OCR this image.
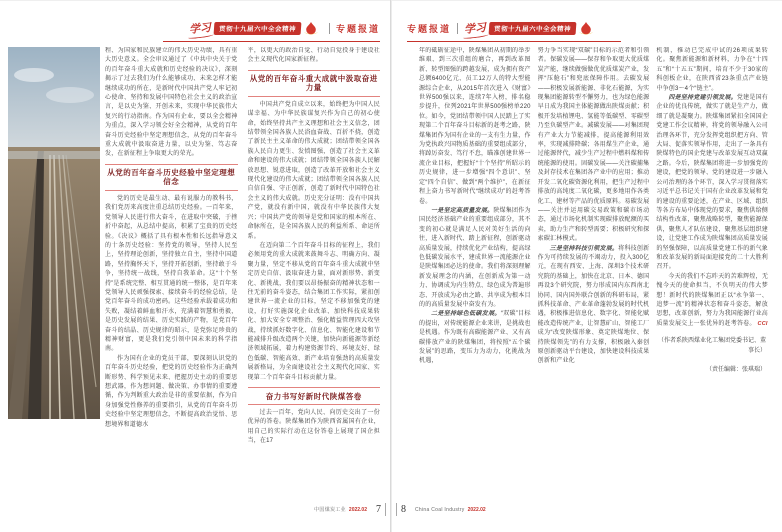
学习	贯彻十九届六中全会精神	专题报道

程、为国家和民族建立的伟大历史功绩，具有重大历史意义。全会审议通过了《中共中央关于党的百年奋斗重大成就和历史经验的决议》，深刻揭示了过去我们为什么能够成功、未来怎样才能继续成功的所在，是新时代中国共产党人牢记初心使命、坚持和发展中国特色社会主义的政治宣言，是以史为鉴、开创未来，实现中华民族伟大复兴的行动指南。作为国有企业，要以全会精神为重点，深入学习领会好全会精神，从党的百年奋斗历史经验中坚定理想信念，从党的百年奋斗重大成就中汲取奋进力量，以史为鉴、笃志奋发，在新征程上争取更大的荣光。

从党的百年奋斗历史经验中坚定理想信念

党的历史是最生动、最有说服力的教科书，我们党历来高度注重总结历史经验。一百年来，党领导人民进行伟大奋斗，在进取中突破，于挫折中奋起，从总结中提高，积累了宝贵的历史经验。《决议》概括了具有根本性和长远指导意义的十条历史经验：坚持党的领导，坚持人民至上，坚持理论创新，坚持独立自主，坚持中国道路，坚持胸怀天下，坚持开拓创新，坚持敢于斗争，坚持统一战线，坚持自我革命。这“十个坚持”是系统完整、相互贯通的统一整体，是百年来党领导人民顽强探索、接续奋斗的经验总结，是党百年奋斗的成功密码。这些经验承载着成功和失败，凝结着鲜血和汗水，充满着智慧和勇毅，是历史发展的结果、历史实践的产物，是党百年奋斗的结晶、历史规律的昭示，是党弥足珍贵的精神财富，更是我们党引领中国未来的科学指南。

作为国有企业的党员干部，要深刻认识党的百年奋斗历史经验，把党的历史经验作为正确判断形势、科学预见未来、把握历史主动的重要思想武器，作为想问题、做决策、办事情的重要遵循，作为判断重大政治是非的重要依据，作为自身加强党性修养的重要指引，从党的百年奋斗历史经验中坚定理想信念，不断提高政治觉悟、思想境界和道德水

平，以更大的政治自觉、行动自觉投身于建设社会主义现代化国家新征程。

从党的百年奋斗重大成就中汲取奋进力量

中国共产党自成立以来，始终把为中国人民谋幸福、为中华民族谋复兴作为自己的初心使命，始终坚持共产主义理想和社会主义信念，团结带领全国各族人民浴血奋战、百折不挠，创造了新民主主义革命的伟大成就；团结带领全国各族人民自力更生、发愤图强，创造了社会主义革命和建设的伟大成就；团结带领全国各族人民解放思想、锐意进取，创造了改革开放和社会主义现代化建设的伟大成就；团结带领全国各族人民自信自强、守正创新，创造了新时代中国特色社会主义的伟大成就。历史充分证明：没有中国共产党，就没有新中国，就没有中华民族伟大复兴；中国共产党的领导是党和国家的根本所在、命脉所在，是全国各族人民的利益所系、命运所系。

在迈向第二个百年奋斗目标的征程上，我们必须用党的重大成就来鼓舞斗志、明确方向、凝聚力量，坚定不移从党的百年奋斗重大成就中坚定历史自信、汲取奋进力量，面对新形势、新变化、新挑战，我们要以昂扬振奋的精神状态和一往无前的奋斗姿态，结合集团工作实际，紧扣创建世界一流企业的目标，坚定不移加强党的建设，打好实施深化企业改革、加快科技成果转化、加大安全专项整治、强化精益管理四大攻坚战，持续抓好数字化、信息化、智能化建设和节能减排升级改造两个关键，加快向新能源等新经济领域拓展，着力构建资源节约、环境友好、绿色低碳、智能高效、新产业培育强劲的高质量发展新格局，为全面建设社会主义现代化国家、实现第二个百年奋斗目标贡献力量。

奋力书写好新时代陕煤答卷

过去一百年，党向人民、向历史交出了一份优异的答卷。陕煤集团作为陕西省属国有企业，用自己的实际行动在这份答卷上展现了国企担当，在17

中国煤炭工业 2022.02 7
专题报道 学习	贯彻十九届六中全会精神

年的砥砺征途中，陕煤集团从初期的举步维艰、到三次重组的磨合，再到改革图新、转型图强的跨越发展，成为拥有资产总额6400亿元、员工12万人的特大型能源综合企业，从2015年首次进入《财富》世界500强以来，连续7年入榜，排名稳步提升，位列2021年世界500强榜单220位。如今，党团结带领中国人民踏上了实现第二个百年奋斗目标新的赶考之路，陕煤集团作为国有企业的一支有生力量，作为党执政兴国物质基础的重要组成部分，将踔厉奋发、笃行不怠，瞄准创建世界一流企业目标，把握好“十个坚持”所昭示的历史规律，进一步增强“四个意识”、坚定“四个自信”、做到“两个维护”，在新征程上奋力书写新时代“继续成功”的赶考答卷。

一是坚定高质量发展。陕煤集团作为国民经济基础产业的重要组成部分，其不变的初心就是满足人民对美好生活的向往，进入新时代、踏上新征程，创新驱动高质量发展，持续优化产业结构，提高绿色低碳发展水平，建成世界一流能源企业是陕煤集团必达的使命。我们将深刻理解新发展理念的内涵，在创新成为第一动力、协调成为内生特点、绿色成为普遍形态、开放成为必由之路、共享成为根本目的的高质量发展中奋发有为。

二是坚持绿色低碳发展。“双碳”目标的提出，对传统能源企业来讲，是挑战也是机遇。作为既有高碳能源产业、又有高碳排放产业的陕煤集团，将按照“五个碳发展”的思路，变压力为动力，化挑战为机遇，

努力争当实现“双碳”目标的示范者和引领者。保碳发展——保存和争取更大优质煤炭产能，继续做强做优优质煤炭产业，发挥“压舱石”和兜底保障作用。去碳发展——积极发展新能源、非化石能源，为实现集团能源转型不懈努力，也为绿色能源早日成为我国主体能源做出陕煤贡献；积极开发培植锂电、氢能等低碳型、零碳型乃至负碳型产业。减碳发展——对集团现有产业大力节能减排，提高能源利用效率，实现减排降碳；各用煤生产企业，通过能源替代，减少生产过程中燃料煤和传统能源的使用。固碳发展——关注碳捕集及封存技术在集团各产业中的应用；推动开发二氧化碳资源化利用，把生产过程中排放的高纯度二氧化碳，更多地用作各类化工、建材等产品的优质原料。易碳发展——关注并运用碳交易政策和碳市场动态，通过市场化机制实现碳排放配额的买卖，助力生产和转型需要；积极研究和探索碳汇林模式。

三是坚持科技引领发展。将科技创新作为可持续发展的不竭动力，投入300亿元，在现有西安、上海、深圳3个技术研究院的基础上，加快在北京、日本、德国再设3个研究院，努力形成国内东西南北协同、国内国外联合创新的科研布局，紧抓科技革命、产业革命蓬勃发展的时代机遇，积极推进信息化、数字化、智能化赋能改造传统产业，让智慧矿山、智能工厂成为“改变陕煤形象、奠定陕煤地位、保持陕煤领先”的有力支撑，积极融入秦创原创新驱动平台建设，加快建设科技成果创新和产业化

机制，推动已完成中试的26项成果转化。聚焦新能源和新材料，力争在“十四五”和“十五五”期间，培育不少于30家的科创板企业，在陕西省23条重点产业链中争创3～4个“链主”。

四是坚持党建引领发展。党建是国有企业的优良传统，做实了就是生产力，做细了就是凝聚力。陕煤集团紧扣全国国企党建工作会议精神，将党的领导融入公司治理各环节，充分发挥党组织把方向、管大局、促落实领导作用，走出了一条具有陕煤特色的国企党建与改革发展互动双赢之路。今后，陕煤集团将进一步加强党的建设，把党的领导、党的建设进一步融入公司治理的各个环节，深入学习贯彻落实习近平总书记关于国有企业改革发展和党的建设的重要论述，在产业、区域、组织等各方布局中体现党的要求，聚焦供给侧结构性改革，聚焦战略转型，聚焦能源保供，聚焦人才队伍建设，聚焦基层组织建设，让党建工作成为陕煤集团高质量发展的坚强保障，以高质量党建工作的新气象和改革发展的新局面迎接党的二十大胜利召开。

今天的我们不忘昨天的苦难辉煌，无愧今天的使命担当，不负明天的伟大梦想！新时代的陕煤集团正以“永争第一、追梦一流”的精神状态和奋斗姿态，解放思想，改革创新，努力为我国能源行业高质量发展交上一张优异的赶考答卷。 CCI

（作者系陕西煤业化工集团党委书记、董事长）

（责任编辑：张琪瑞）

8 China Coal Industry 2022.02
